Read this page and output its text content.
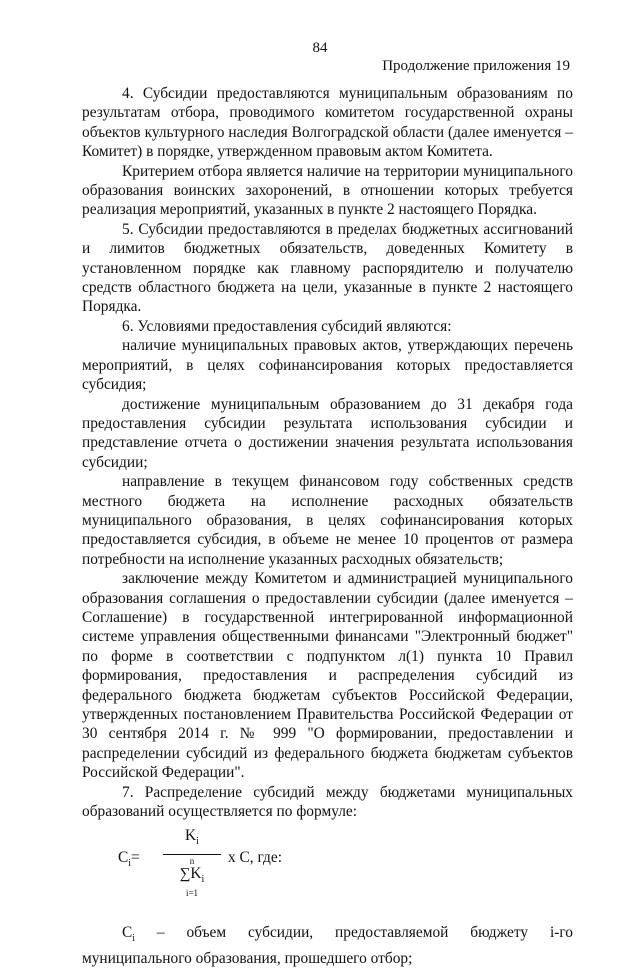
84
Продолжение приложения 19

4. Субсидии предоставляются муниципальным образованиям по результатам отбора, проводимого комитетом государственной охраны объектов культурного наследия Волгоградской области (далее именуется – Комитет) в порядке, утвержденном правовым актом Комитета.

Критерием отбора является наличие на территории муниципального образования воинских захоронений, в отношении которых требуется реализация мероприятий, указанных в пункте 2 настоящего Порядка.

5. Субсидии предоставляются в пределах бюджетных ассигнований и лимитов бюджетных обязательств, доведенных Комитету в установленном порядке как главному распорядителю и получателю средств областного бюджета на цели, указанные в пункте 2 настоящего Порядка.

6. Условиями предоставления субсидий являются:

наличие муниципальных правовых актов, утверждающих перечень мероприятий, в целях софинансирования которых предоставляется субсидия;

достижение муниципальным образованием до 31 декабря года предоставления субсидии результата использования субсидии и представление отчета о достижении значения результата использования субсидии;

направление в текущем финансовом году собственных средств местного бюджета на исполнение расходных обязательств муниципального образования, в целях софинансирования которых предоставляется субсидия, в объеме не менее 10 процентов от размера потребности на исполнение указанных расходных обязательств;

заключение между Комитетом и администрацией муниципального образования соглашения о предоставлении субсидии (далее именуется – Соглашение) в государственной интегрированной информационной системе управления общественными финансами "Электронный бюджет" по форме в соответствии с подпунктом л(1) пункта 10 Правил формирования, предоставления и распределения субсидий из федерального бюджета бюджетам субъектов Российской Федерации, утвержденных постановлением Правительства Российской Федерации от 30 сентября 2014 г. № 999 "О формировании, предоставлении и распределении субсидий из федерального бюджета бюджетам субъектов Российской Федерации".

7. Распределение субсидий между бюджетами муниципальных образований осуществляется по формуле:

$C_i=$
$K_i$
n
$\sum K_i$
i=1
x C, где:

$C_i$ – объем субсидии, предоставляемой бюджету i-го муниципального образования, прошедшего отбор;
